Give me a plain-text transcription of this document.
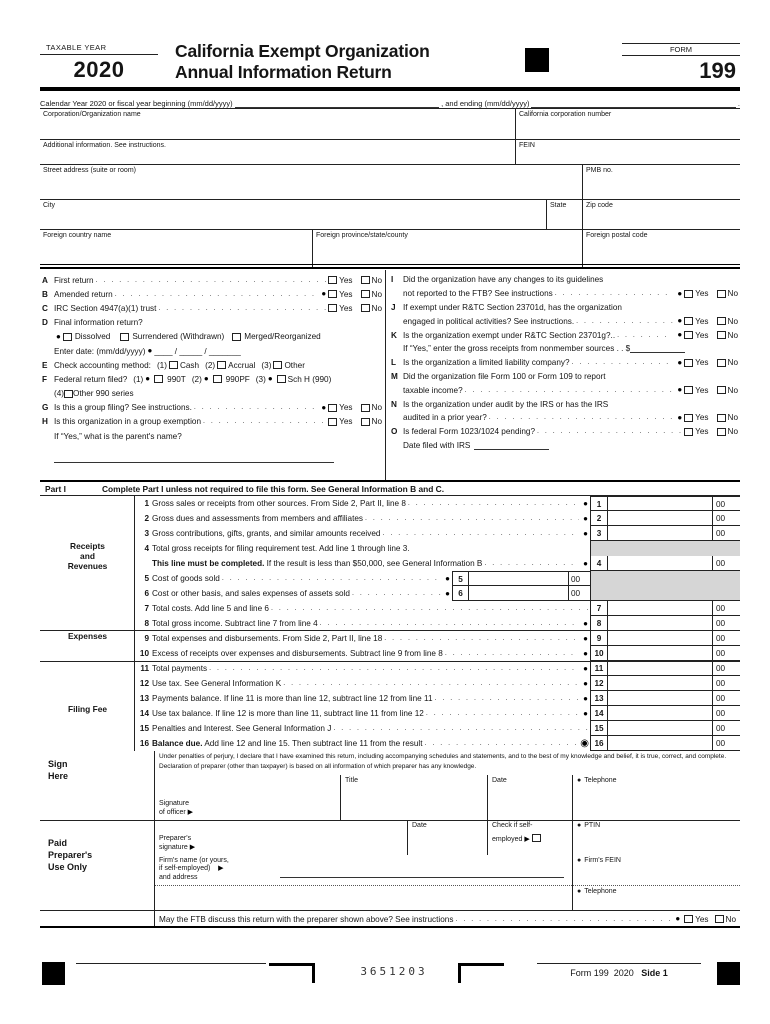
TAXABLE YEAR
2020
California Exempt Organization
Annual Information Return
FORM
199
Calendar Year 2020 or fiscal year beginning (mm/dd/yyyy)	, and ending (mm/dd/yyyy)	.
Corporation/Organization name	California corporation number
Additional information. See instructions.	FEIN
Street address (suite or room)	PMB no.
City	State	Zip code
Foreign country name	Foreign province/state/county	Foreign postal code
A First return . . .	Yes No
B Amended return . . . ●	Yes No
C IRC Section 4947(a)(1) trust . . .	Yes No
D Final information return?
●
Dissolved	Surrendered (Withdrawn) Merged/Reorganized
Enter date: (mm/dd/yyyy) ● ____ / _____ / _______
E Check accounting method: (1) Cash (2) Accrual (3) Other
F Federal return filed? (1) ●	990T (2) ●	990PF (3) ●	Sch H (990)
(4) Other 990 series
G Is this a group filing? See instructions. . . . ●	Yes No
H Is this organization in a group exemption . . .	Yes No
If “Yes,” what is the parent's name?
I	Did the organization have any changes to its guidelines
not reported to the FTB? See instructions . . . ●	Yes No
J If exempt under R&TC Section 23701d, has the organization
engaged in political activities? See instructions. . . . ●	Yes No
K Is the organization exempt under R&TC Section 23701g?.. . . . ●	Yes No
If “Yes,” enter the gross receipts from nonmember sources . . $
L Is the organization a limited liability company? . . . ●	Yes No
M Did the organization file Form 100 or Form 109 to report
taxable income? . . . ●	Yes No
N Is the organization under audit by the IRS or has the IRS
audited in a prior year? . . . ●	Yes No
O Is federal Form 1023/1024 pending? . . .	Yes No
Date filed with IRS
Part I	Complete Part I unless not required to file this form. See General Information B and C.
Receipts
and
Revenues
Expenses
Filing Fee
1 Gross sales or receipts from other sources. From Side 2, Part II, line 8 . . . ●	1	00
2 Gross dues and assessments from members and affiliates . . . ●	2	00
3 Gross contributions, gifts, grants, and similar amounts received . . . ●	3	00
4 Total gross receipts for filing requirement test. Add line 1 through line 3.
This line must be completed. If the result is less than $50,000, see General Information B . . . ●	4	00
5 Cost of goods sold . . . ●	5	00
6 Cost or other basis, and sales expenses of assets sold . . . ●	6	00
7 Total costs. Add line 5 and line 6 . . .	7	00
8 Total gross income. Subtract line 7 from line 4 . . . ●	8	00
9 Total expenses and disbursements. From Side 2, Part II, line 18 . . . ●	9	00
10 Excess of receipts over expenses and disbursements. Subtract line 9 from line 8 . . . ●	10	00
11 Total payments . . . ●	11	00
12 Use tax. See General Information K . . . ●	12	00
13 Payments balance. If line 11 is more than line 12, subtract line 12 from line 11 . . . ●	13	00
14 Use tax balance. If line 12 is more than line 11, subtract line 11 from line 12 . . . ●	14	00
15 Penalties and Interest. See General Information J . . .	15	00
16 Balance due. Add line 12 and line 15. Then subtract line 11 from the result . . . ◉	16	00
Sign
Here
Paid
Preparer's
Use Only
Under penalties of perjury, I declare that I have examined this return, including accompanying schedules and statements, and to the best of my knowledge and belief, it is true, correct, and complete. Declaration of preparer (other than taxpayer) is based on all information of which preparer has any knowledge.
Signature
of officer ▶
Title	Date ●	Telephone
Preparer's
signature ▶
Date	Check if self-
employed ▶
● PTIN
Firm's name (or yours,
if self-employed)    ▶
and address
● Firm's FEIN
● Telephone
May the FTB discuss this return with the preparer shown above? See instructions . . . ●	Yes No
3651203	Form 199 2020 Side 1
